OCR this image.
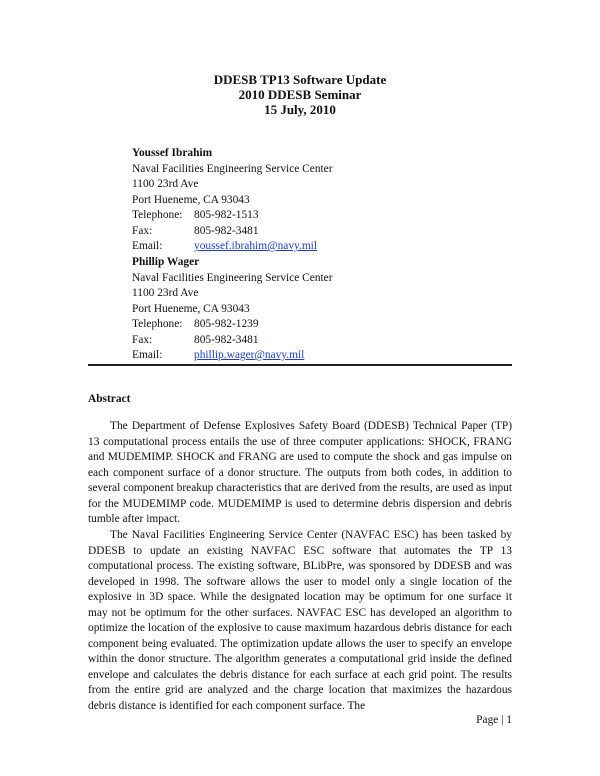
DDESB TP13 Software Update
2010 DDESB Seminar
15 July, 2010
Youssef Ibrahim
Naval Facilities Engineering Service Center
1100 23rd Ave
Port Hueneme, CA 93043
Telephone:	805-982-1513
Fax:	805-982-3481
Email:	youssef.ibrahim@navy.mil
Phillip Wager
Naval Facilities Engineering Service Center
1100 23rd Ave
Port Hueneme, CA 93043
Telephone:	805-982-1239
Fax:	805-982-3481
Email:	phillip.wager@navy.mil
Abstract

The Department of Defense Explosives Safety Board (DDESB) Technical Paper (TP) 13 computational process entails the use of three computer applications: SHOCK, FRANG and MUDEMIMP. SHOCK and FRANG are used to compute the shock and gas impulse on each component surface of a donor structure. The outputs from both codes, in addition to several component breakup characteristics that are derived from the results, are used as input for the MUDEMIMP code. MUDEMIMP is used to determine debris dispersion and debris tumble after impact.

The Naval Facilities Engineering Service Center (NAVFAC ESC) has been tasked by DDESB to update an existing NAVFAC ESC software that automates the TP 13 computational process. The existing software, BLibPre, was sponsored by DDESB and was developed in 1998. The software allows the user to model only a single location of the explosive in 3D space. While the designated location may be optimum for one surface it may not be optimum for the other surfaces. NAVFAC ESC has developed an algorithm to optimize the location of the explosive to cause maximum hazardous debris distance for each component being evaluated. The optimization update allows the user to specify an envelope within the donor structure. The algorithm generates a computational grid inside the defined envelope and calculates the debris distance for each surface at each grid point. The results from the entire grid are analyzed and the charge location that maximizes the hazardous debris distance is identified for each component surface. The

Page | 1
